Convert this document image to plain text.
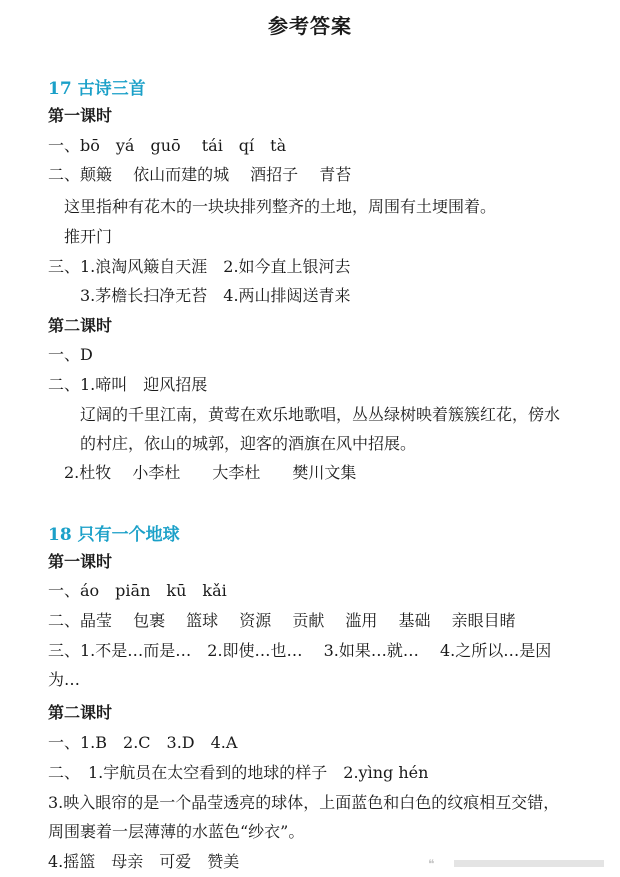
参考答案
17 古诗三首
第一课时
一、bō　yá　guō　 tái　qí　tà
二、颠簸　 依山而建的城　 酒招子　 青苔
这里指种有花木的一块块排列整齐的土地，周围有土埂围着。
推开门
三、1.浪淘风簸自天涯　2.如今直上银河去
3.茅檐长扫净无苔　4.两山排闼送青来
第二课时
一、D
二、1.啼叫　迎风招展
辽阔的千里江南，黄莺在欢乐地歌唱，丛丛绿树映着簇簇红花，傍水
的村庄，依山的城郭，迎客的酒旗在风中招展。
2.杜牧　 小李杜　　大李杜　　樊川文集
18 只有一个地球
第一课时
一、áo　piān　kū　kǎi
二、晶莹　 包裹　 篮球　 资源　 贡献　 滥用　 基础　 亲眼目睹
三、1.不是…而是…　2.即使…也…　 3.如果…就…　 4.之所以…是因
为…
第二课时
一、1.B　2.C　3.D　4.A
二、　1.宇航员在太空看到的地球的样子　2.yìng hén
3.映入眼帘的是一个晶莹透亮的球体，上面蓝色和白色的纹痕相互交错，
周围裹着一层薄薄的水蓝色“纱衣”。
4.摇篮　母亲　可爱　赞美	❝
